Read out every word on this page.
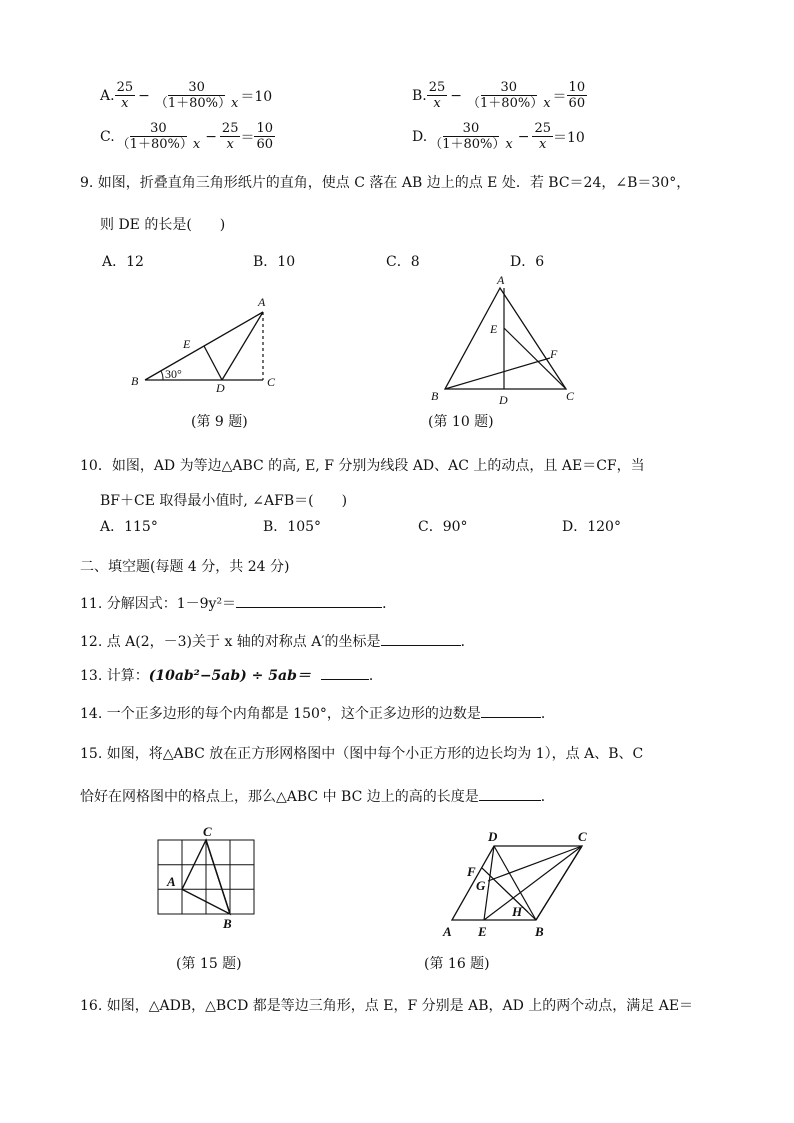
A. $\frac{25}{x} - \frac{30}{(1+80\%)x} =10$	B. $\frac{25}{x} - \frac{30}{(1+80\%)x} = \frac{10}{60}$
C. $\frac{30}{(1+80\%)x} - \frac{25}{x} = \frac{10}{60}$	D. $\frac{30}{(1+80\%)x} - \frac{25}{x} =10$
9. 如图，折叠直角三角形纸片的直角，使点 C 落在 AB 边上的点 E 处．若 BC＝24，∠B＝30°，
则 DE 的长是(　　)
A．12	B．10	C．8	D．6
30°
A
E
B	D	C
(第 9 题)
A
E
F
B	D	C
(第 10 题)
10．如图，AD 为等边△ABC 的高, E, F 分别为线段 AD、AC 上的动点，且 AE＝CF，当
BF＋CE 取得最小值时, ∠AFB＝(　　)
A．115°	B．105°	C．90°	D．120°
二、填空题(每题 4 分，共 24 分)
11. 分解因式：1－9y²＝	．
12. 点 A(2，－3)关于 x 轴的对称点 A′的坐标是	．
13. 计算：(10ab²−5ab) ÷ 5ab＝	．
14. 一个正多边形的每个内角都是 150°，这个正多边形的边数是	．
15. 如图，将△ABC 放在正方形网格图中（图中每个小正方形的边长均为 1），点 A、B、C
恰好在网格图中的格点上，那么△ABC 中 BC 边上的高的长度是	．
C
A
B
(第 15 题)
D	C
F
G
H
A E	B
(第 16 题)
16. 如图，△ADB，△BCD 都是等边三角形，点 E，F 分别是 AB，AD 上的两个动点，满足 AE＝
